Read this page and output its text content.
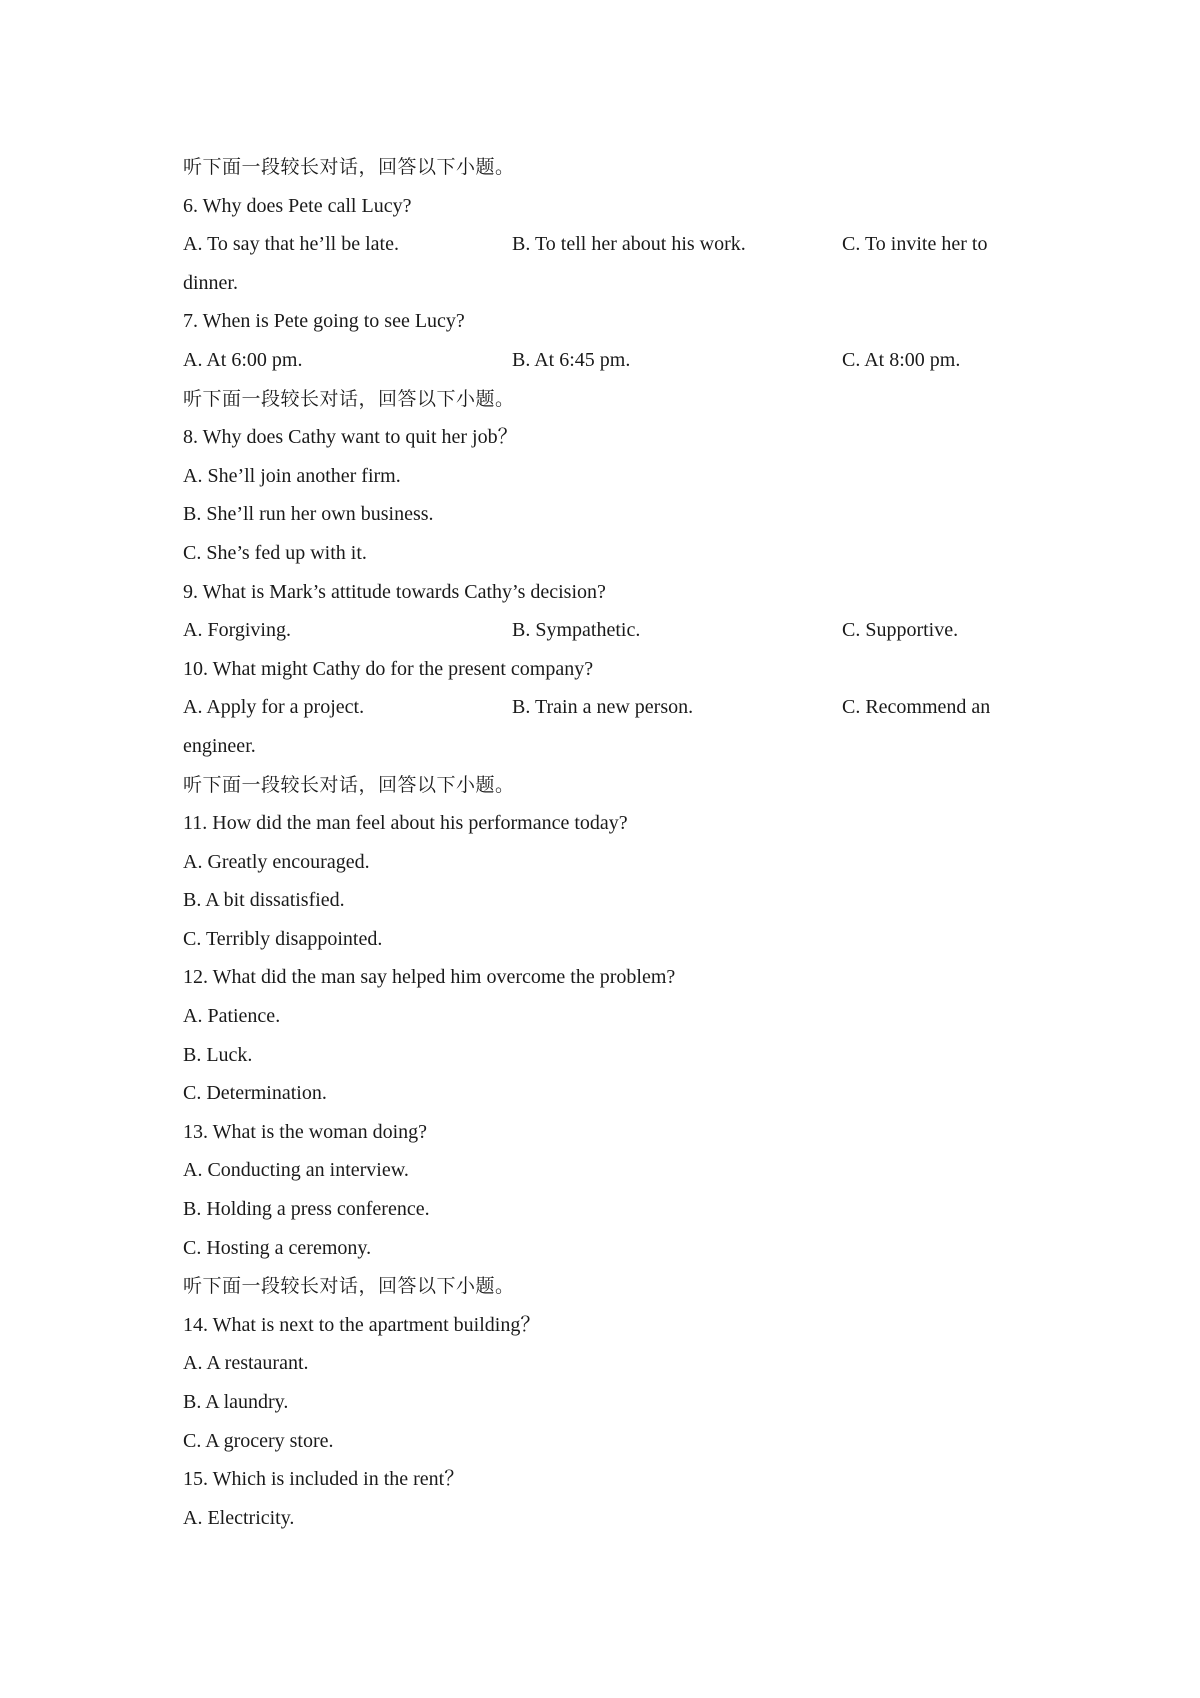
听下面一段较长对话，回答以下小题。
6. Why does Pete call Lucy?
A. To say that he’ll be late.	B. To tell her about his work.	C. To invite her to
dinner.
7. When is Pete going to see Lucy?
A. At 6:00 pm.	B. At 6:45 pm.	C. At 8:00 pm.
听下面一段较长对话，回答以下小题。
8. Why does Cathy want to quit her job？
A. She’ll join another firm.
B. She’ll run her own business.
C. She’s fed up with it.
9. What is Mark’s attitude towards Cathy’s decision?
A. Forgiving.	B. Sympathetic.	C. Supportive.
10. What might Cathy do for the present company?
A. Apply for a project.	B. Train a new person.	C. Recommend an
engineer.
听下面一段较长对话，回答以下小题。
11. How did the man feel about his performance today?
A. Greatly encouraged.
B. A bit dissatisfied.
C. Terribly disappointed.
12. What did the man say helped him overcome the problem?
A. Patience.
B. Luck.
C. Determination.
13. What is the woman doing?
A. Conducting an interview.
B. Holding a press conference.
C. Hosting a ceremony.
听下面一段较长对话，回答以下小题。
14. What is next to the apartment building？
A. A restaurant.
B. A laundry.
C. A grocery store.
15. Which is included in the rent？
A. Electricity.
